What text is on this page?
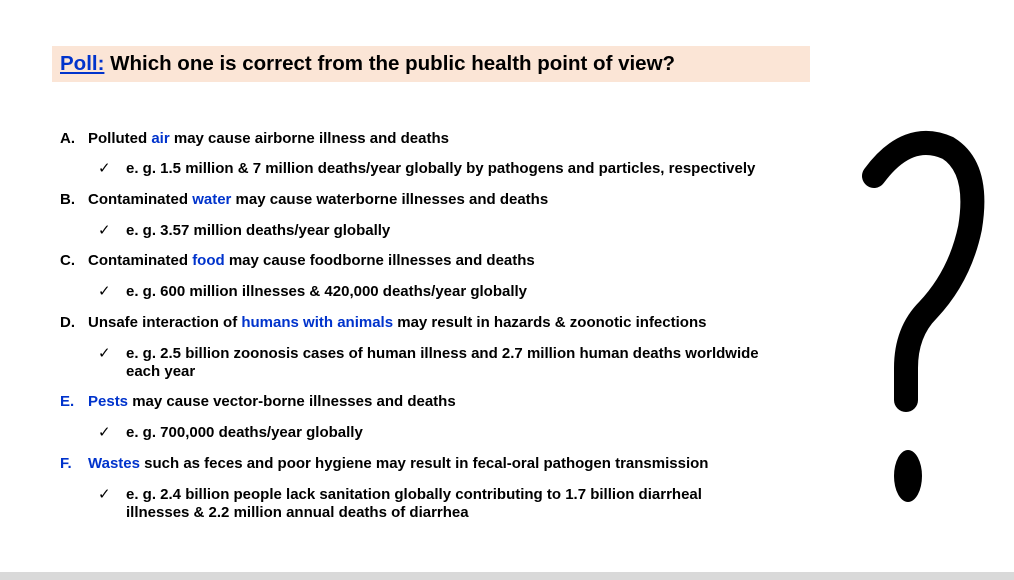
Poll:
Which one is correct from the public health point of view?
A. Polluted air may cause airborne illness and deaths
✓ e. g. 1.5 million & 7 million deaths/year globally by pathogens and particles, respectively
B. Contaminated water may cause waterborne illnesses and deaths
✓ e. g. 3.57 million deaths/year globally
C. Contaminated food may cause foodborne illnesses and deaths
✓ e. g. 600 million illnesses & 420,000 deaths/year globally
D. Unsafe interaction of humans with animals may result in hazards & zoonotic infections
✓ e. g. 2.5 billion zoonosis cases of human illness and 2.7 million human deaths worldwide
each year
E. Pests may cause vector-borne illnesses and deaths
✓ e. g. 700,000 deaths/year globally
F. Wastes such as feces and poor hygiene may result in fecal-oral pathogen transmission
✓ e. g. 2.4 billion people lack sanitation globally contributing to 1.7 billion diarrheal
illnesses & 2.2 million annual deaths of diarrhea
